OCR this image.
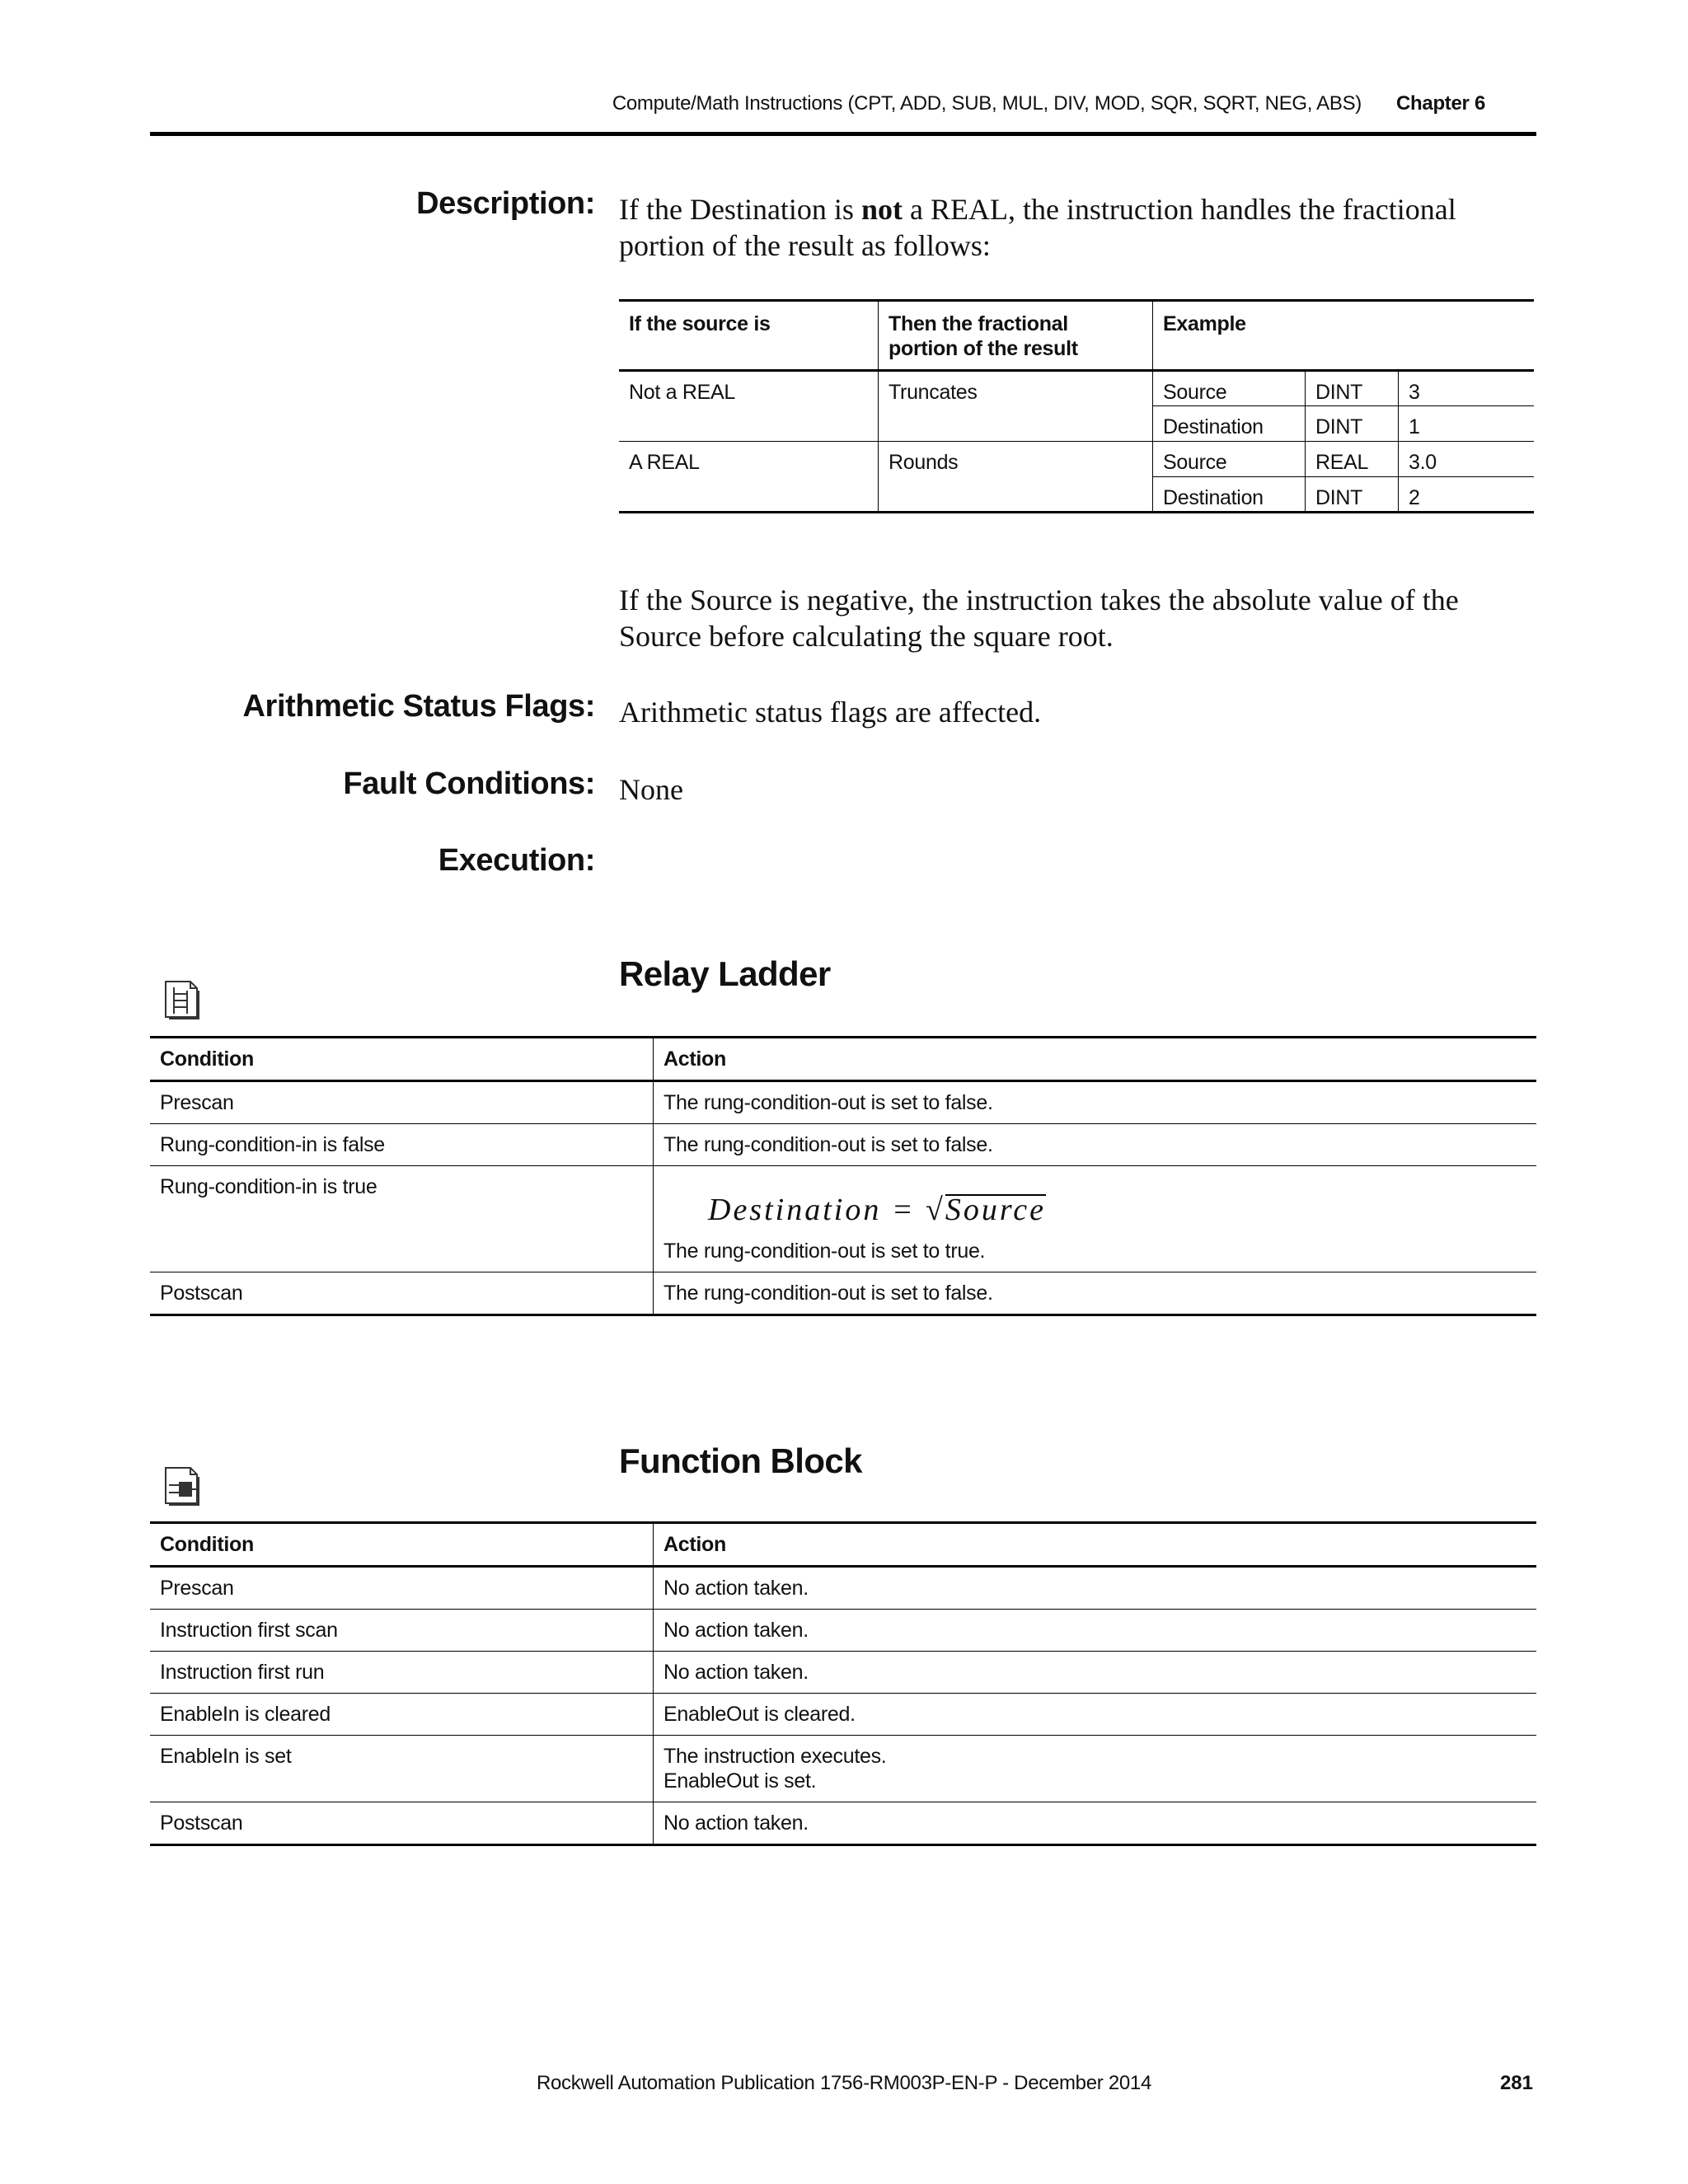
Compute/Math Instructions (CPT, ADD, SUB, MUL, DIV, MOD, SQR, SQRT, NEG, ABS) Chapter 6
Description: If the Destination is not a REAL, the instruction handles the fractional portion of the result as follows:
If the source is	Then the fractional portion of the result	Example		
Not a REAL	Truncates	Source	DINT	3
		Destination	DINT	1
A REAL	Rounds	Source	REAL	3.0
		Destination	DINT	2
If the Source is negative, the instruction takes the absolute value of the Source before calculating the square root.
Arithmetic Status Flags: Arithmetic status flags are affected.
Fault Conditions: None
Execution:
Relay Ladder
Condition	Action
Prescan	The rung-condition-out is set to false.
Rung-condition-in is false	The rung-condition-out is set to false.
Rung-condition-in is true	Destination = √Source
The rung-condition-out is set to true.

Postscan	The rung-condition-out is set to false.
Function Block
Condition	Action
Prescan	No action taken.
Instruction first scan	No action taken.
Instruction first run	No action taken.
EnableIn is cleared	EnableOut is cleared.
EnableIn is set	The instruction executes.
EnableOut is set.

Postscan	No action taken.
Rockwell Automation Publication 1756-RM003P-EN-P - December 2014	281
